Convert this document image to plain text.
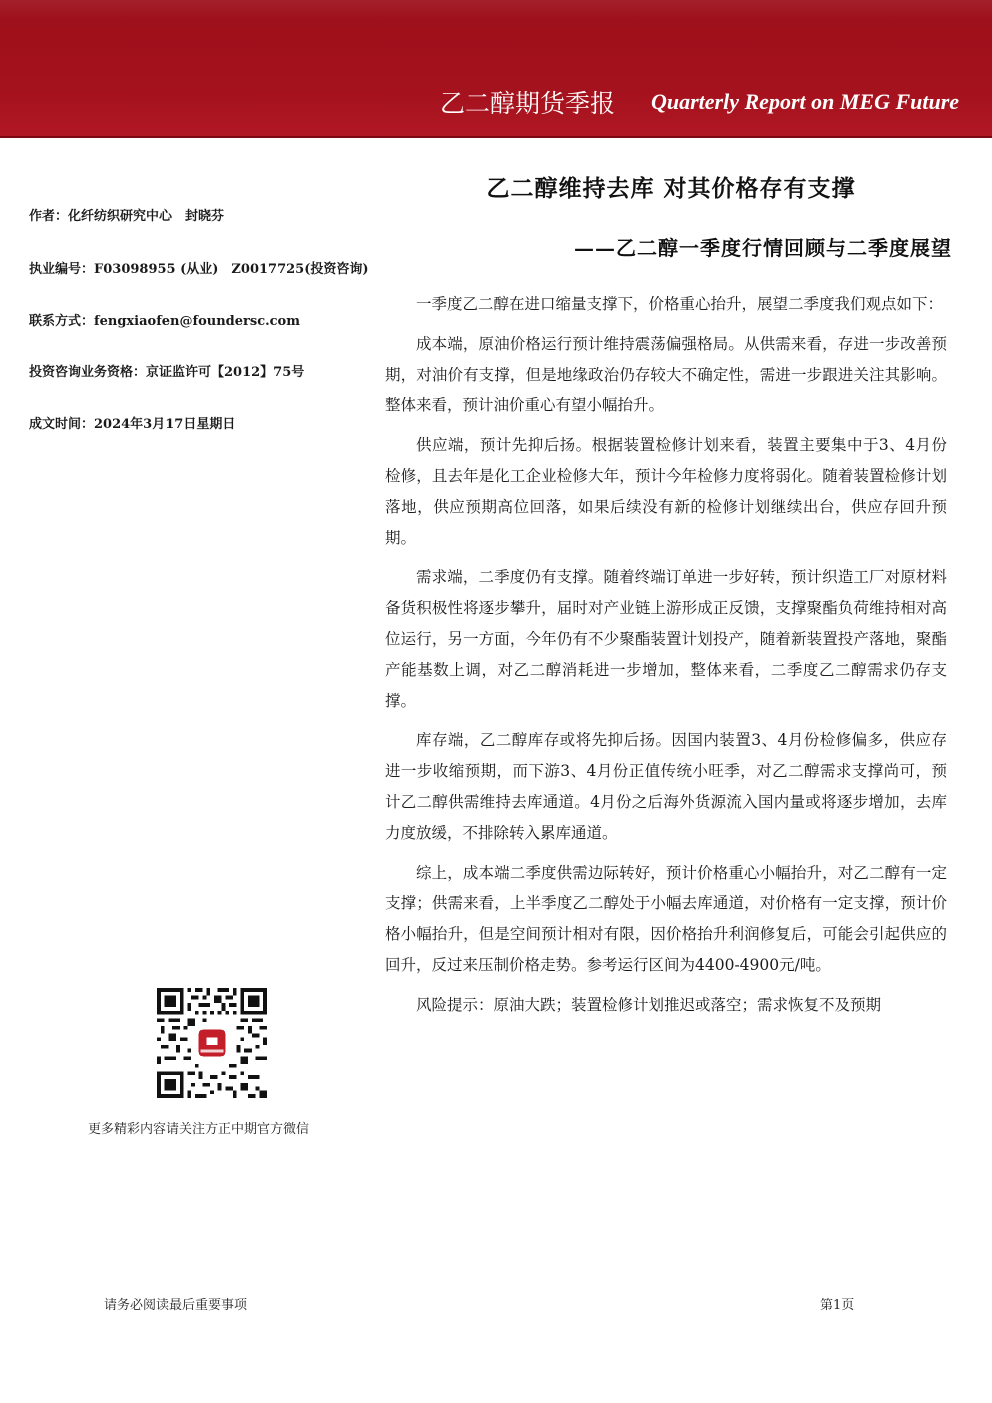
乙二醇期货季报 Quarterly Report on MEG Future
作者：化纤纺织研究中心　封晓芬
执业编号：F03098955 (从业)　Z0017725(投资咨询)
联系方式：fengxiaofen@foundersc.com
投资咨询业务资格：京证监许可【2012】75号
成文时间：2024年3月17日星期日
更多精彩内容请关注方正中期官方微信
乙二醇维持去库 对其价格存有支撑
——乙二醇一季度行情回顾与二季度展望

一季度乙二醇在进口缩量支撑下，价格重心抬升，展望二季度我们观点如下：

成本端，原油价格运行预计维持震荡偏强格局。从供需来看，存进一步改善预期，对油价有支撑，但是地缘政治仍存较大不确定性，需进一步跟进关注其影响。整体来看，预计油价重心有望小幅抬升。

供应端，预计先抑后扬。根据装置检修计划来看，装置主要集中于3、4月份检修，且去年是化工企业检修大年，预计今年检修力度将弱化。随着装置检修计划落地，供应预期高位回落，如果后续没有新的检修计划继续出台，供应存回升预期。

需求端，二季度仍有支撑。随着终端订单进一步好转，预计织造工厂对原材料备货积极性将逐步攀升，届时对产业链上游形成正反馈，支撑聚酯负荷维持相对高位运行，另一方面，今年仍有不少聚酯装置计划投产，随着新装置投产落地，聚酯产能基数上调，对乙二醇消耗进一步增加，整体来看，二季度乙二醇需求仍存支撑。

库存端，乙二醇库存或将先抑后扬。因国内装置3、4月份检修偏多，供应存进一步收缩预期，而下游3、4月份正值传统小旺季，对乙二醇需求支撑尚可，预计乙二醇供需维持去库通道。4月份之后海外货源流入国内量或将逐步增加，去库力度放缓，不排除转入累库通道。

综上，成本端二季度供需边际转好，预计价格重心小幅抬升，对乙二醇有一定支撑；供需来看，上半季度乙二醇处于小幅去库通道，对价格有一定支撑，预计价格小幅抬升，但是空间预计相对有限，因价格抬升利润修复后，可能会引起供应的回升，反过来压制价格走势。参考运行区间为4400-4900元/吨。

风险提示：原油大跌；装置检修计划推迟或落空；需求恢复不及预期

请务必阅读最后重要事项	第1页
